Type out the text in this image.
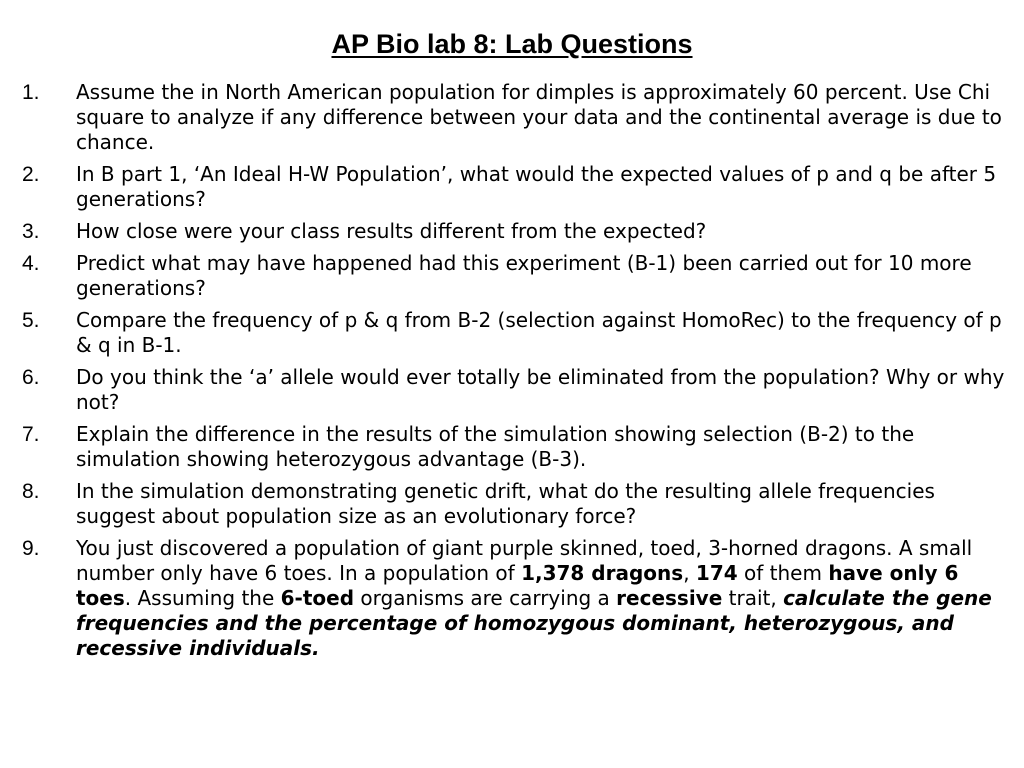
AP Bio lab 8: Lab Questions
1.	Assume the in North American population for dimples is approximately 60 percent. Use Chi square to analyze if any difference between your data and the continental average is due to chance.
2.	In B part 1, ‘An Ideal H-W Population’, what would the expected values of p and q be after 5 generations?
3.	How close were your class results different from the expected?
4.	Predict what may have happened had this experiment (B-1) been carried out for 10 more generations?
5.	Compare the frequency of p & q from B-2 (selection against HomoRec) to the frequency of p & q in B-1.
6.	Do you think the ‘a’ allele would ever totally be eliminated from the population? Why or why not?
7.	Explain the difference in the results of the simulation showing selection (B-2) to the simulation showing heterozygous advantage (B-3).
8.	In the simulation demonstrating genetic drift, what do the resulting allele frequencies suggest about population size as an evolutionary force?
9.	You just discovered a population of giant purple skinned, toed, 3-horned dragons. A small number only have 6 toes. In a population of 1,378 dragons, 174 of them have only 6 toes. Assuming the 6-toed organisms are carrying a recessive trait, calculate the gene frequencies and the percentage of homozygous dominant, heterozygous, and recessive individuals.
